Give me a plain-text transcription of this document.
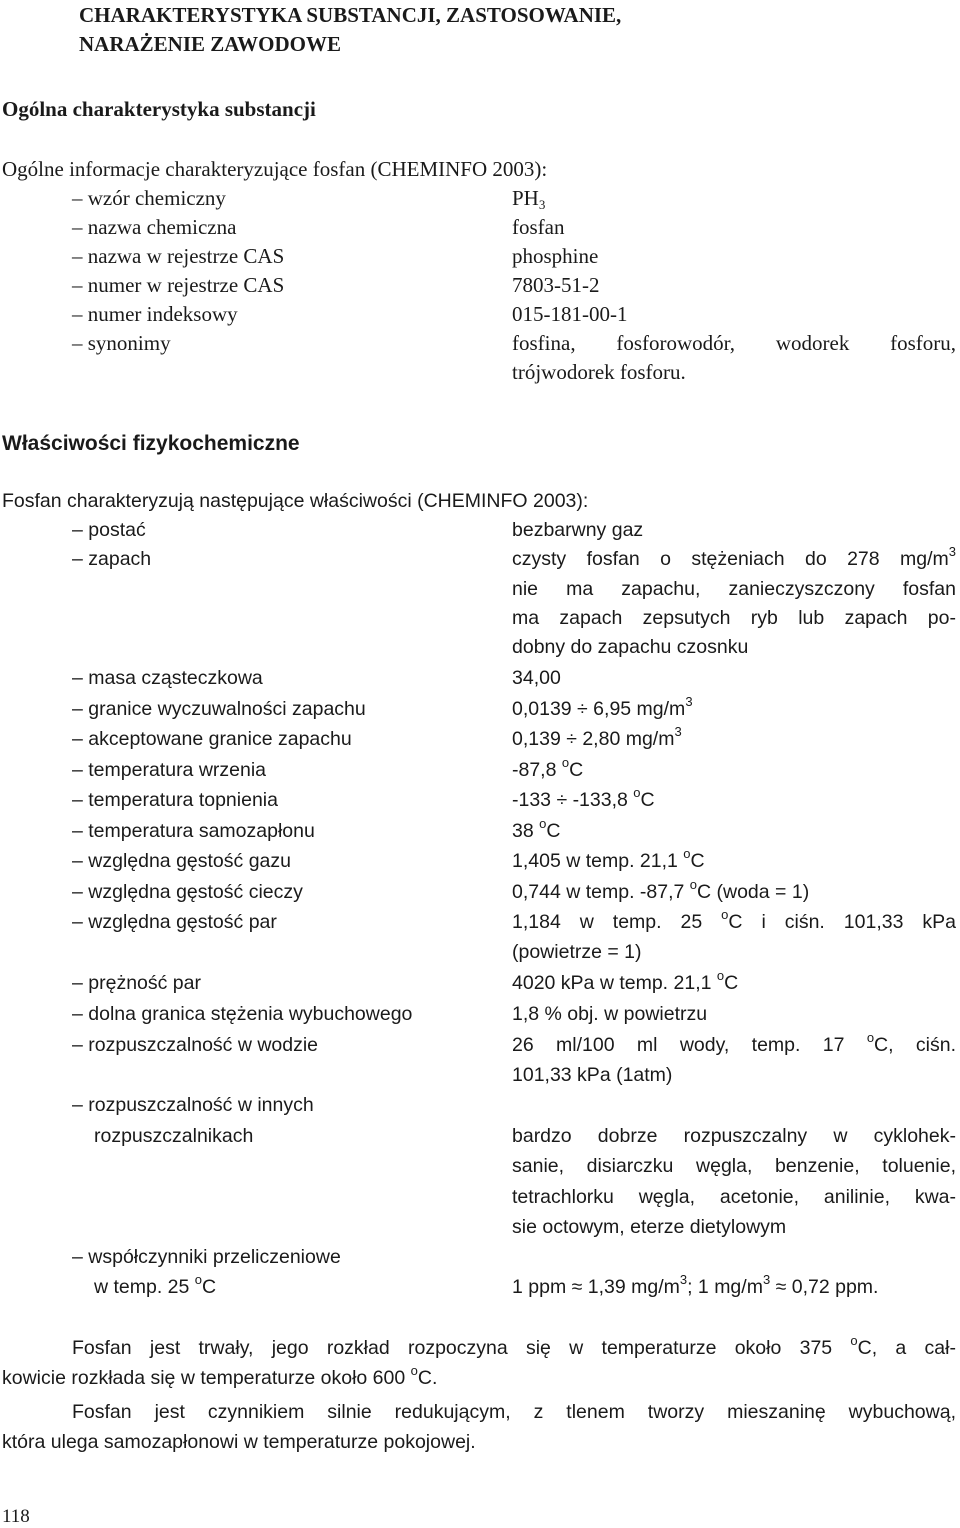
CHARAKTERYSTYKA SUBSTANCJI, ZASTOSOWANIE,
NARAŻENIE ZAWODOWE
Ogólna charakterystyka substancji
Ogólne informacje charakteryzujące fosfan (CHEMINFO 2003):
– wzór chemiczny	$PH_3$
– nazwa chemiczna	fosfan
– nazwa w rejestrze CAS	phosphine
– numer w rejestrze CAS	7803-51-2
– numer indeksowy	015-181-00-1
– synonimy	fosfina, fosforowodór, wodorek fosforu,
trójwodorek fosforu.
Właściwości fizykochemiczne
Fosfan charakteryzują następujące właściwości (CHEMINFO 2003):
– postać	bezbarwny gaz
– zapach	czysty fosfan o stężeniach do 278 $mg/m^3$
nie ma zapachu, zanieczyszczony fosfan
ma zapach zepsutych ryb lub zapach po-
dobny do zapachu czosnku
– masa cząsteczkowa	34,00
– granice wyczuwalności zapachu	0,0139 ÷ 6,95 $mg/m^3$
– akceptowane granice zapachu	0,139 ÷ 2,80 $mg/m^3$
– temperatura wrzenia	-87,8 $^o$C
– temperatura topnienia	-133 ÷ -133,8 $^o$C
– temperatura samozapłonu	38 $^o$C
– względna gęstość gazu	1,405 w temp. 21,1 $^o$C
– względna gęstość cieczy	0,744 w temp. -87,7 $^o$C (woda = 1)
– względna gęstość par	1,184 w temp. 25 $^o$C i ciśn. 101,33 kPa
(powietrze = 1)
– prężność par	4020 kPa w temp. 21,1 $^o$C
– dolna granica stężenia wybuchowego	1,8 % obj. w powietrzu
– rozpuszczalność w wodzie	26 ml/100 ml wody, temp. 17 $^o$C, ciśn.
101,33 kPa (1atm)
– rozpuszczalność w innych
rozpuszczalnikach	bardzo dobrze rozpuszczalny w cyklohek-
sanie, disiarczku węgla, benzenie, toluenie,
tetrachlorku węgla, acetonie, anilinie, kwa-
sie octowym, eterze dietylowym
– współczynniki przeliczeniowe
w temp. 25 $^o$C	1 ppm ≈ 1,39 $mg/m^3$; 1 $mg/m^3 \approx 0,72$ ppm.
Fosfan jest trwały, jego rozkład rozpoczyna się w temperaturze około 375 $^o$C, a cał-
kowicie rozkłada się w temperaturze około 600 $^o$C.
Fosfan jest czynnikiem silnie redukującym, z tlenem tworzy mieszaninę wybuchową,
która ulega samozapłonowi w temperaturze pokojowej.
118
